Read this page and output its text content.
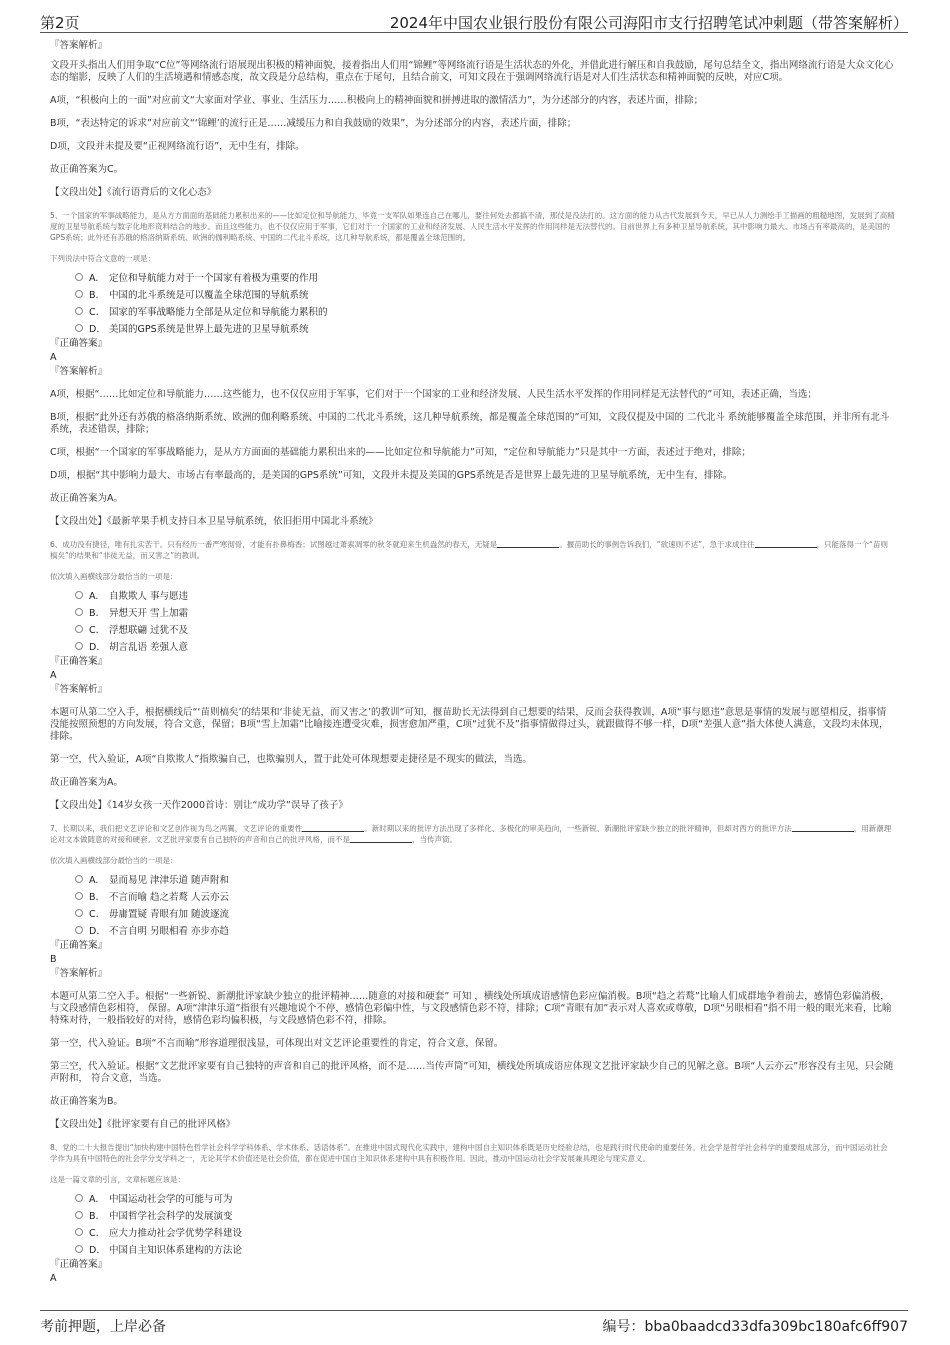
第2页	2024年中国农业银行股份有限公司海阳市支行招聘笔试冲刺题（带答案解析）
『答案解析』
文段开头指出人们用争取“C位”等网络流行语展现出积极的精神面貌，接着指出人们用“锦鲤”等网络流行语是生活状态的外化，并借此进行解压和自我鼓励，尾句总结全文，指出网络流行语是大众文化心态的缩影，反映了人们的生活境遇和情感态度，故文段是分总结构，重点在于尾句，且结合前文，可知文段在于强调网络流行语是对人们生活状态和精神面貌的反映，对应C项。
A项，“积极向上的一面”对应前文“大家面对学业、事业、生活压力……积极向上的精神面貌和拼搏进取的激情活力”，为分述部分的内容，表述片面，排除；
B项，“表达特定的诉求”对应前文“‘锦鲤’的流行正是……减缓压力和自我鼓励的效果”，为分述部分的内容，表述片面，排除；
D项，文段并未提及要“正视网络流行语”，无中生有，排除。
故正确答案为C。
【文段出处】《流行语背后的文化心态》
5、一个国家的军事战略能力，是从方方面面的基础能力累积出来的——比如定位和导航能力，毕竟一支军队如果连自己在哪儿，要往何处去都搞不清，那仗是没法打的。这方面的能力从古代发展到今天，早已从人力测绘手工描画的粗糙地图，发展到了高精度的卫星导航系统与数字化地形资料结合的地步。而且这些能力，也不仅仅应用于军事，它们对于一个国家的工业和经济发展、人民生活水平发挥的作用同样是无法替代的。目前世界上有多种卫星导航系统，其中影响力最大、市场占有率最高的，是美国的GPS系统；此外还有苏俄的格洛纳斯系统、欧洲的伽利略系统、中国的二代北斗系统，这几种导航系统，都是覆盖全球范围的。
下列说法中符合文意的一项是：
A. 定位和导航能力对于一个国家有着极为重要的作用
B. 中国的北斗系统是可以覆盖全球范围的导航系统
C. 国家的军事战略能力全部是从定位和导航能力累积的
D. 美国的GPS系统是世界上最先进的卫星导航系统
『正确答案』
A
『答案解析』
A项，根据“……比如定位和导航能力……这些能力，也不仅仅应用于军事，它们对于一个国家的工业和经济发展、人民生活水平发挥的作用同样是无法替代的”可知，表述正确，当选；
B项，根据“此外还有苏俄的格洛纳斯系统、欧洲的伽利略系统、中国的二代北斗系统，这几种导航系统，都是覆盖全球范围的”可知，文段仅提及中国的 二代北斗 系统能够覆盖全球范围，并非所有北斗系统，表述错误，排除；
C项，根据“一个国家的军事战略能力，是从方方面面的基础能力累积出来的——比如定位和导航能力”可知，“定位和导航能力”只是其中一方面，表述过于绝对，排除；
D项，根据“其中影响力最大、市场占有率最高的，是美国的GPS系统”可知，文段并未提及美国的GPS系统是否是世界上最先进的卫星导航系统，无中生有，排除。
故正确答案为A。
【文段出处】《最新苹果手机支持日本卫星导航系统，依旧拒用中国北斗系统》
6、成功没有捷径，唯有扎实苦干。只有经历一番严寒彻骨，才能有扑鼻梅香；试图越过萧索凋零的秋冬就迎来生机盎然的春天，无疑是	。揠苗助长的事例告诉我们，“欲速则不达”，急于求成往往	，只能落得一个“苗则槁矣”的结果和“非徒无益，而又害之”的教训。
依次填入画横线部分最恰当的一项是：
A. 自欺欺人 事与愿违
B. 异想天开 雪上加霜
C. 浮想联翩 过犹不及
D. 胡言乱语 差强人意
『正确答案』
A
『答案解析』
本题可从第二空入手，根据横线后“‘苗则槁矣’的结果和‘非徒无益，而又害之’的教训”可知，揠苗助长无法得到自己想要的结果，反而会获得教训，A项“事与愿违”意思是事情的发展与愿望相反，指事情没能按照预想的方向发展，符合文意，保留；B项“雪上加霜”比喻接连遭受灾难，损害愈加严重，C项“过犹不及”指事情做得过头，就跟做得不够一样，D项“差强人意”指大体使人满意，文段均未体现，排除。
第一空，代入验证，A项“自欺欺人”指欺骗自己，也欺骗别人，置于此处可体现想要走捷径是不现实的做法，当选。
故正确答案为A。
【文段出处】《14岁女孩一天作2000首诗：别让“成功学”误导了孩子》
7、长期以来，我们把文艺评论和文艺创作视为鸟之两翼，文艺评论的重要性	。新时期以来的批评方法出现了多样化、多极化的审美趋向，一些新锐、新潮批评家缺少独立的批评精神，但却对西方的批评方法	，用新潮理论对文本做随意的对接和硬套。文艺批评家要有自己独特的声音和自己的批评风格，而不是	，当传声筒。
依次填入画横线部分最恰当的一项是：
A. 显而易见 津津乐道 随声附和
B. 不言而喻 趋之若鹜 人云亦云
C. 毋庸置疑 青眼有加 随波逐流
D. 不言自明 另眼相看 亦步亦趋
『正确答案』
B
『答案解析』
本题可从第二空入手。根据“一些新锐、新潮批评家缺少独立的批评精神……随意的对接和硬套” 可知 ，横线处所填成语感情色彩应偏消极。B项“趋之若鹜”比喻人们成群地争着前去，感情色彩偏消极， 与文段感情色彩相符， 保留。A项“津津乐道”指很有兴趣地说个不停，感情色彩偏中性，与文段感情色彩不符，排除；C项“青眼有加”表示对人喜欢或尊敬，D项“另眼相看”指不用一般的眼光来看，比喻特殊对待，一般指较好的对待，感情色彩均偏积极，与文段感情色彩不符，排除。
第一空，代入验证。B项“不言而喻”形容道理很浅显，可体现出对文艺评论重要性的肯定，符合文意，保留。
第三空，代入验证。根据“文艺批评家要有自己独特的声音和自己的批评风格，而不是……当传声筒”可知，横线处所填成语应体现文艺批评家缺少自己的见解之意。B项“人云亦云”形容没有主见，只会随声附和， 符合文意，当选。
故正确答案为B。
【文段出处】《批评家要有自己的批评风格》
8、党的二十大报告提出“加快构建中国特色哲学社会科学学科体系、学术体系、话语体系”。在推进中国式现代化实践中，建构中国自主知识体系既是历史经验总结，也是践行时代使命的重要任务。社会学是哲学社会科学的重要组成部分，而中国运动社会学作为具有中国特色的社会学分支学科之一，无论其学术价值还是社会价值，都在促进中国自主知识体系建构中具有积极作用。因此，推动中国运动社会学发展兼具理论与现实意义。
这是一篇文章的引言，文章标题应该是：
A. 中国运动社会学的可能与可为
B. 中国哲学社会科学的发展演变
C. 应大力推动社会学优势学科建设
D. 中国自主知识体系建构的方法论
『正确答案』
A
考前押题，上岸必备	编号：bba0baadcd33dfa309bc180afc6ff907
